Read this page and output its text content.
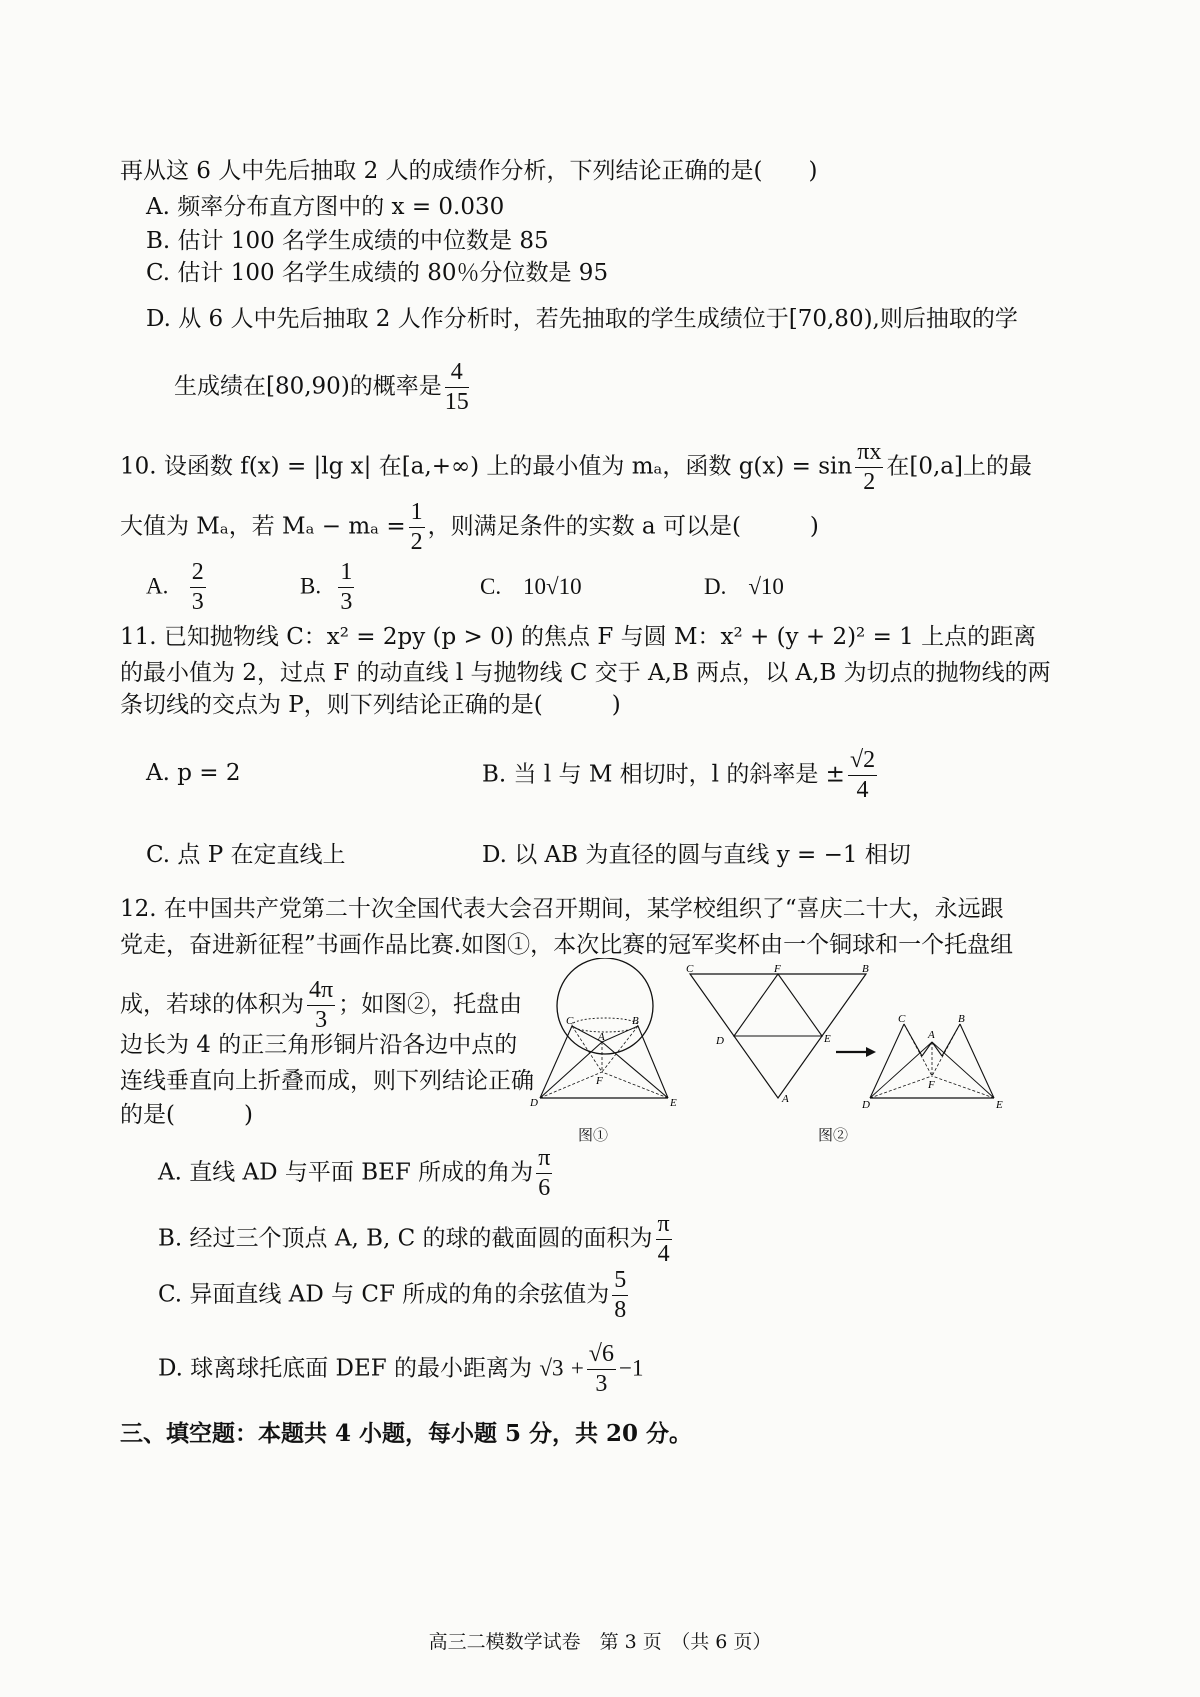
再从这 6 人中先后抽取 2 人的成绩作分析，下列结论正确的是(　　)
A. 频率分布直方图中的 x = 0.030
B. 估计 100 名学生成绩的中位数是 85
C. 估计 100 名学生成绩的 80％分位数是 95
D. 从 6 人中先后抽取 2 人作分析时，若先抽取的学生成绩位于[70,80),则后抽取的学
生成绩在[80,90)的概率是 $\frac{4}{15}$
10. 设函数 f(x) = |lg x| 在[a,+∞) 上的最小值为 mₐ，函数 $g(x) = \sin \frac{\pi x}{2}$ 在[0,a]上的最
大值为 Mₐ，若 $M_a - m_a = \frac{1}{2}$ ，则满足条件的实数 a 可以是(　　　)
A. $\frac{2}{3}$	B. $\frac{1}{3}$	C. 10√10	D. √10
11. 已知抛物线 C：x² = 2py (p > 0) 的焦点 F 与圆 M：x² + (y + 2)² = 1 上点的距离
的最小值为 2，过点 F 的动直线 l 与抛物线 C 交于 A,B 两点，以 A,B 为切点的抛物线的两
条切线的交点为 P，则下列结论正确的是(　　　)
A. p = 2	B. 当 l 与 M 相切时，l 的斜率是 ± $\frac{√2}{4}$
C. 点 P 在定直线上	D. 以 AB 为直径的圆与直线 y = −1 相切
12. 在中国共产党第二十次全国代表大会召开期间，某学校组织了“喜庆二十大，永远跟
党走，奋进新征程”书画作品比赛.如图①，本次比赛的冠军奖杯由一个铜球和一个托盘组
成，若球的体积为 $\frac{4\pi}{3}$ ；如图②，托盘由
边长为 4 的正三角形铜片沿各边中点的
连线垂直向上折叠而成，则下列结论正确
的是(　　　)
C	B
A
F
D	E
图①
C	F	B
D	E
A
C	B
A
F
D	E
图②
A. 直线 AD 与平面 BEF 所成的角为 $\frac{\pi}{6}$
B. 经过三个顶点 A, B, C 的球的截面圆的面积为 $\frac{\pi}{4}$
C. 异面直线 AD 与 CF 所成的角的余弦值为 $\frac{5}{8}$
D. 球离球托底面 DEF 的最小距离为 $√3 + \frac{√6}{3} -1$
三、填空题：本题共 4 小题，每小题 5 分，共 20 分。
高三二模数学试卷　第 3 页　（共 6 页）
